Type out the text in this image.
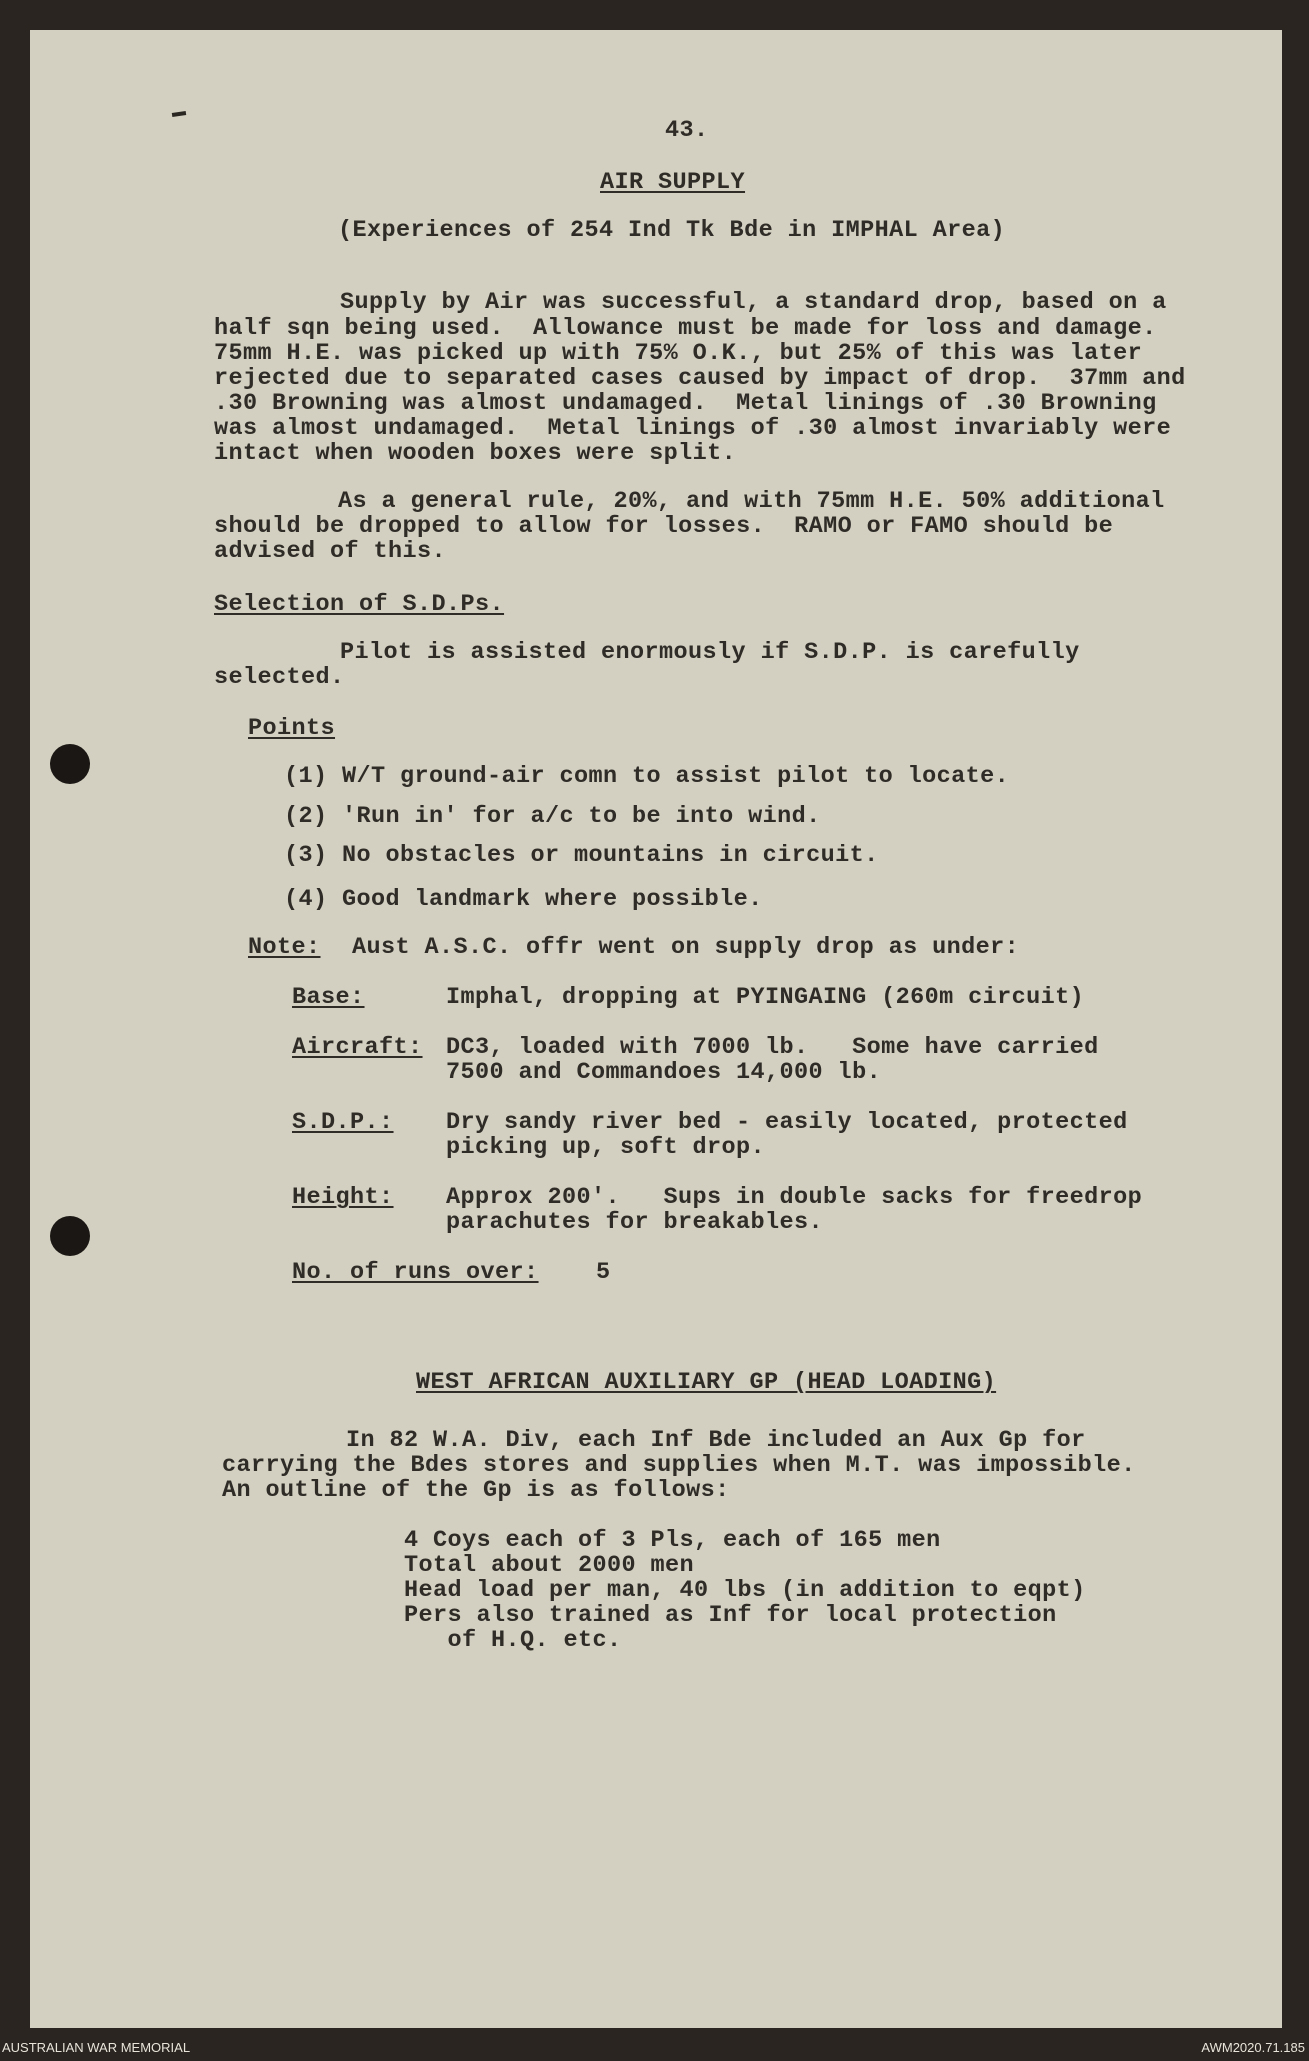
43.
AIR SUPPLY
(Experiences of 254 Ind Tk Bde in IMPHAL Area)
Supply by Air was successful, a standard drop, based on a
half sqn being used.  Allowance must be made for loss and damage.
75mm H.E. was picked up with 75% O.K., but 25% of this was later
rejected due to separated cases caused by impact of drop.  37mm and
.30 Browning was almost undamaged.  Metal linings of .30 Browning
was almost undamaged.  Metal linings of .30 almost invariably were
intact when wooden boxes were split.
As a general rule, 20%, and with 75mm H.E. 50% additional
should be dropped to allow for losses.  RAMO or FAMO should be
advised of this.
Selection of S.D.Ps.
Pilot is assisted enormously if S.D.P. is carefully
selected.
Points
(1) W/T ground-air comn to assist pilot to locate.
(2) 'Run in' for a/c to be into wind.
(3) No obstacles or mountains in circuit.
(4) Good landmark where possible.
Note: Aust A.S.C. offr went on supply drop as under:
Base:	Imphal, dropping at PYINGAING (260m circuit)
Aircraft: DC3, loaded with 7000 lb.   Some have carried
7500 and Commandoes 14,000 lb.
S.D.P.: Dry sandy river bed - easily located, protected
picking up, soft drop.
Height: Approx 200'.   Sups in double sacks for freedrop
parachutes for breakables.
No. of runs over: 5
WEST AFRICAN AUXILIARY GP (HEAD LOADING)
In 82 W.A. Div, each Inf Bde included an Aux Gp for
carrying the Bdes stores and supplies when M.T. was impossible.
An outline of the Gp is as follows:
4 Coys each of 3 Pls, each of 165 men
Total about 2000 men
Head load per man, 40 lbs (in addition to eqpt)
Pers also trained as Inf for local protection
of H.Q. etc.
AUSTRALIAN WAR MEMORIAL	AWM2020.71.185
